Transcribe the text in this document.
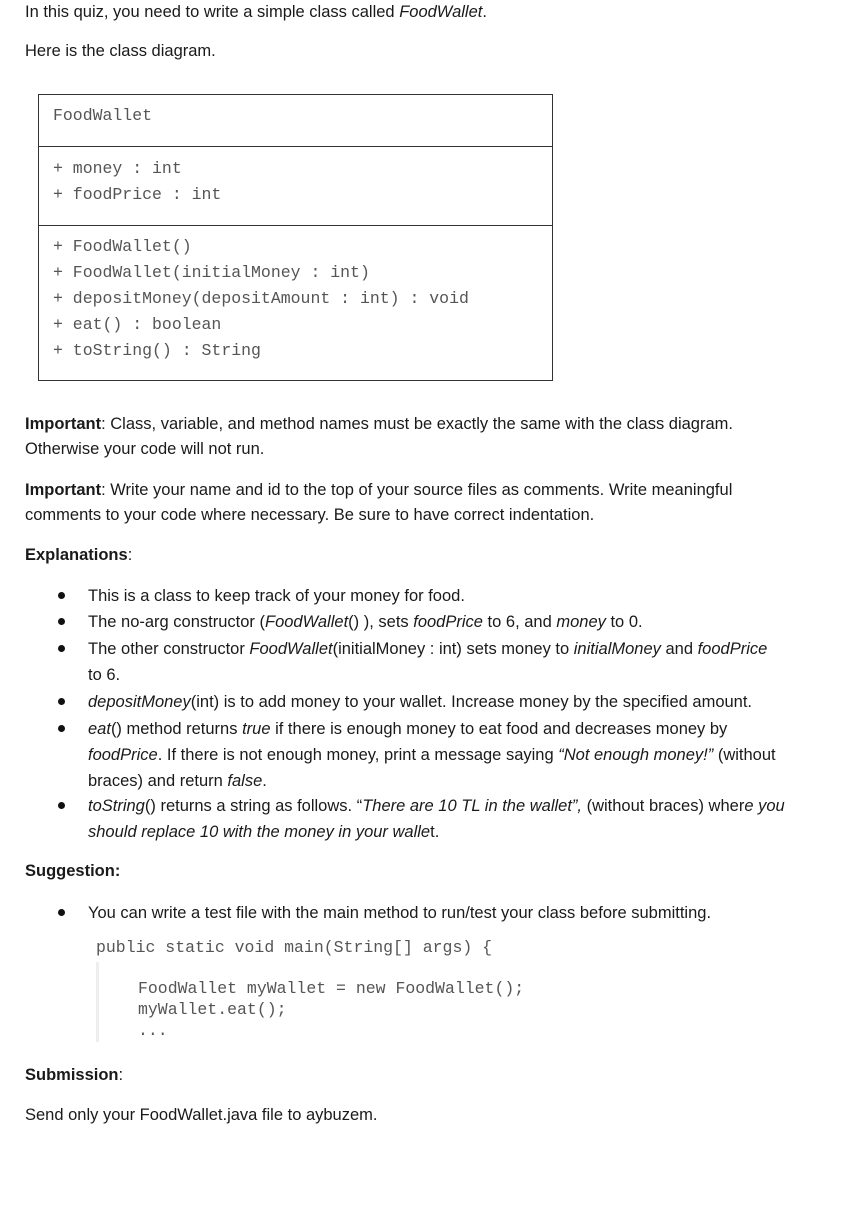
In this quiz, you need to write a simple class called FoodWallet.
Here is the class diagram.
FoodWallet
+ money : int
+ foodPrice : int
+ FoodWallet()
+ FoodWallet(initialMoney : int)
+ depositMoney(depositAmount : int) : void
+ eat() : boolean
+ toString() : String
Important: Class, variable, and method names must be exactly the same with the class diagram.
Otherwise your code will not run.
Important: Write your name and id to the top of your source files as comments. Write meaningful
comments to your code where necessary. Be sure to have correct indentation.
Explanations:
This is a class to keep track of your money for food.
The no-arg constructor (FoodWallet() ), sets foodPrice to 6, and money to 0.
The other constructor FoodWallet(initialMoney : int) sets money to initialMoney and foodPrice
to 6.
depositMoney(int) is to add money to your wallet. Increase money by the specified amount.
eat() method returns true if there is enough money to eat food and decreases money by
foodPrice. If there is not enough money, print a message saying “Not enough money!” (without
braces) and return false.
toString() returns a string as follows. “There are 10 TL in the wallet”, (without braces) where you
should replace 10 with the money in your wallet.
Suggestion:
You can write a test file with the main method to run/test your class before submitting.
public static void main(String[] args) {
FoodWallet myWallet = new FoodWallet();
myWallet.eat();
...
Submission:
Send only your FoodWallet.java file to aybuzem.
